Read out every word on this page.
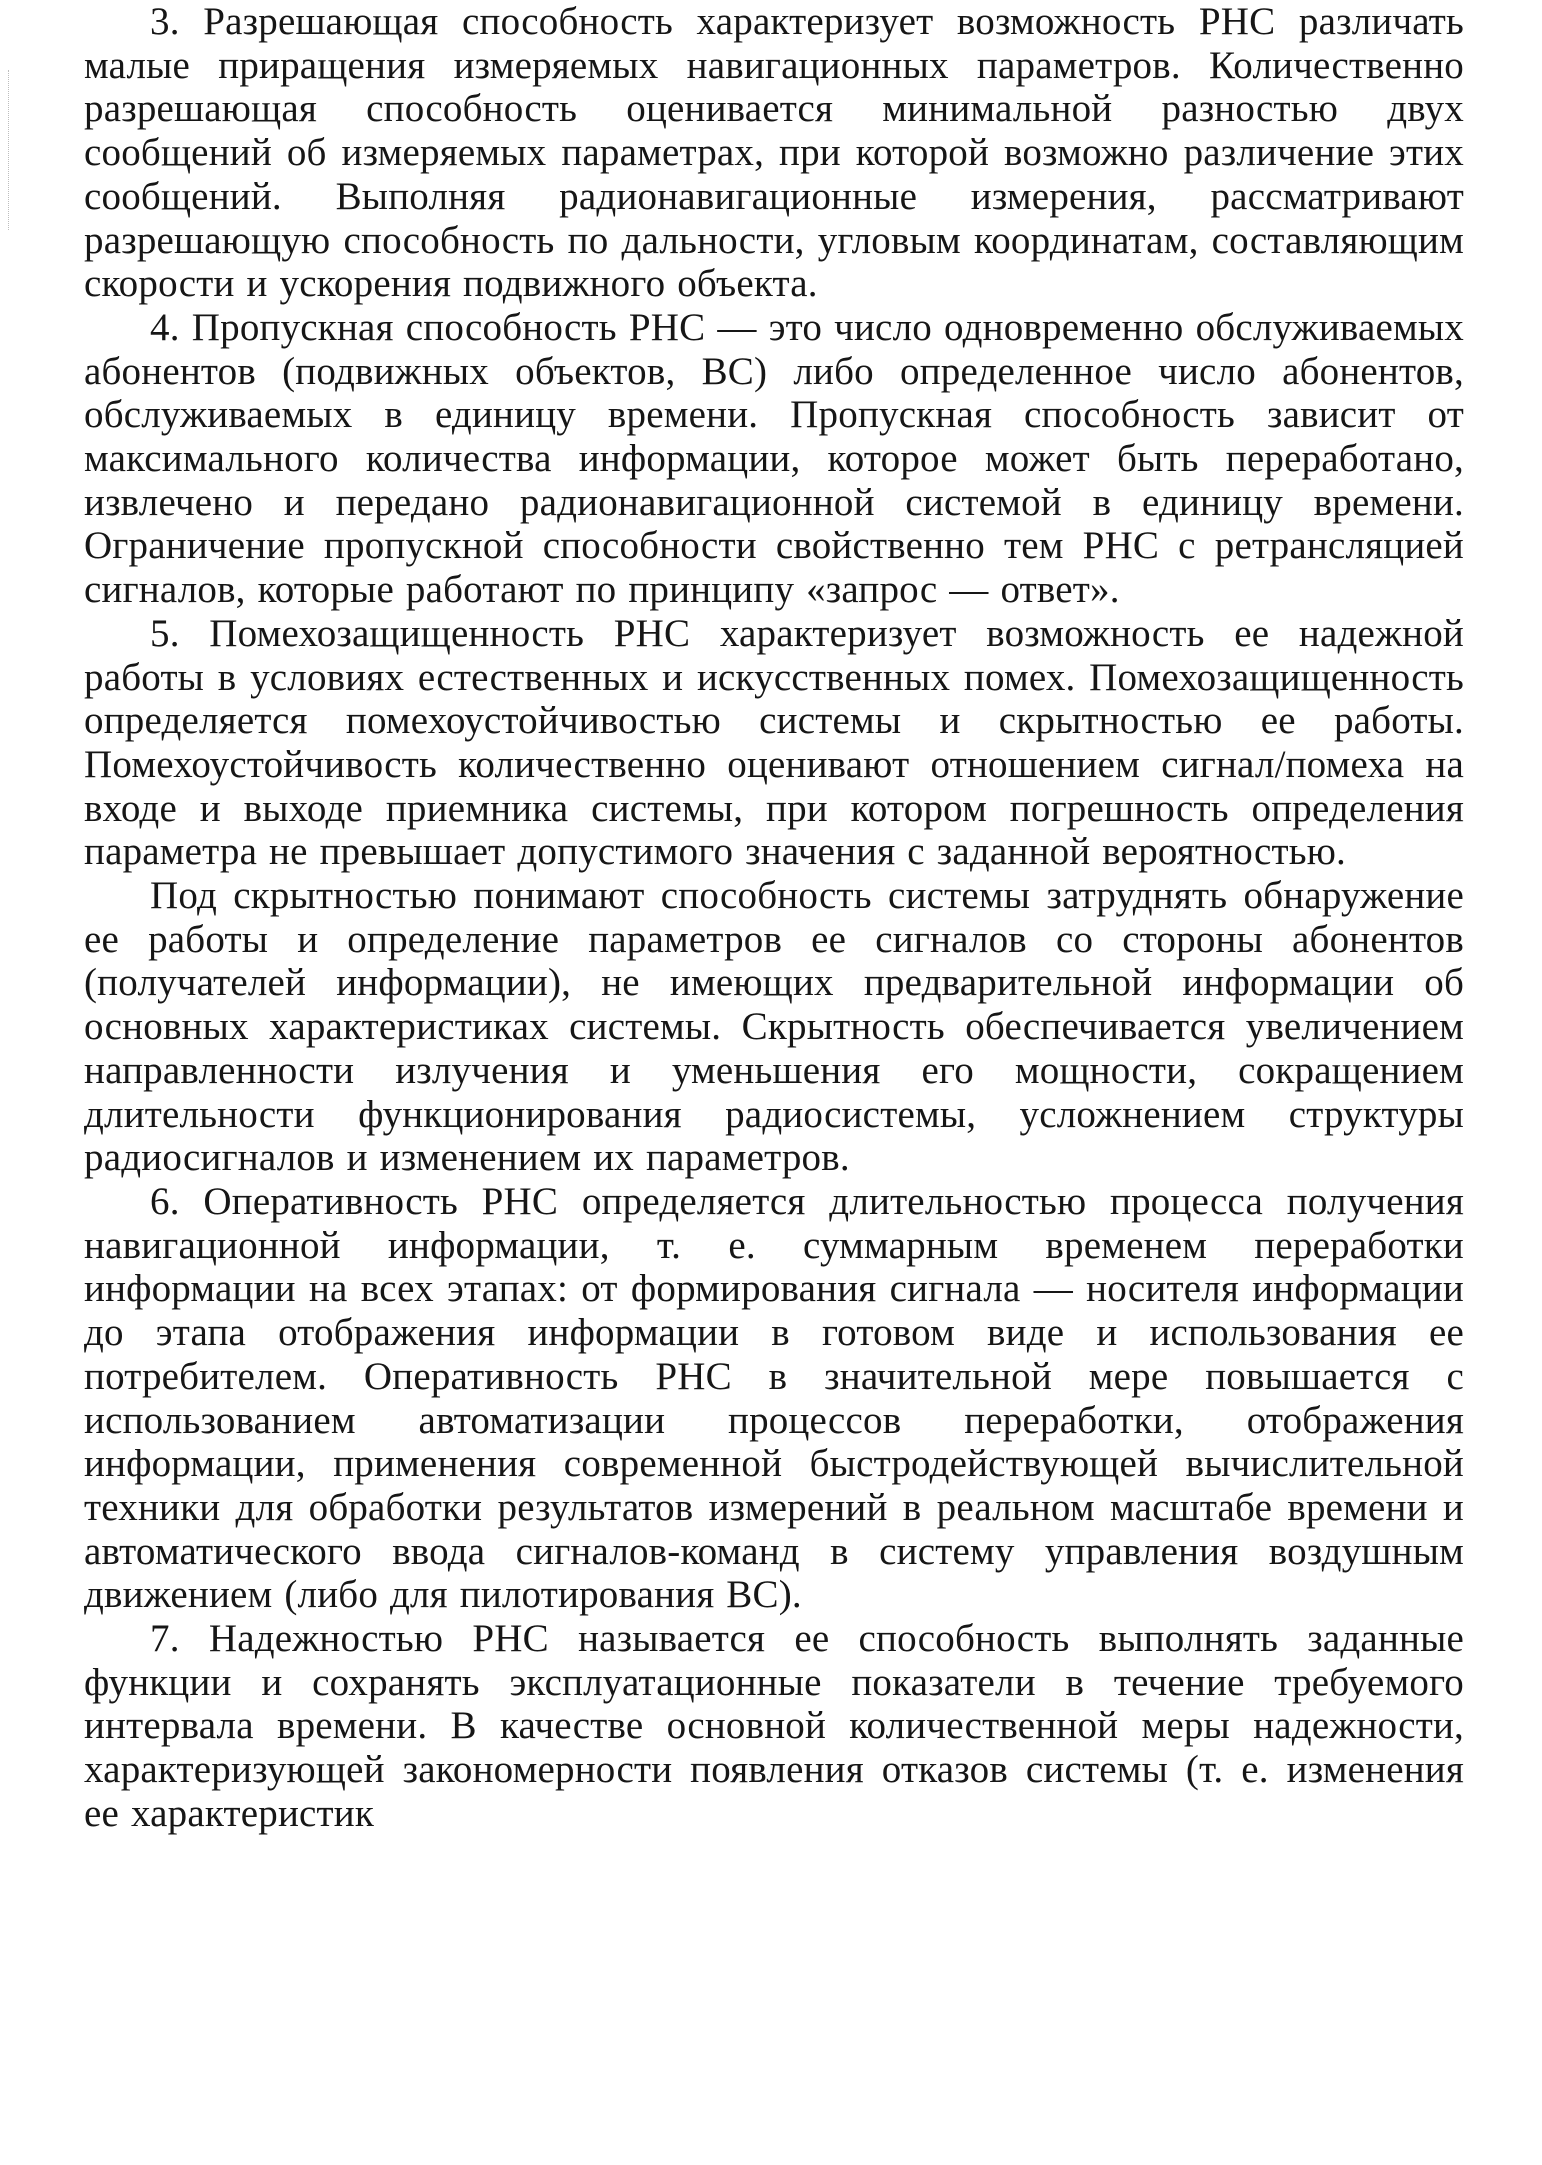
3. Разрешающая способность характеризует возможность РНС различать малые приращения измеряемых навигационных параметров. Количественно разрешающая способность оценивается минимальной разностью двух сообщений об измеряемых параметрах, при которой возможно различение этих сообщений. Выполняя радионавигационные измерения, рассматривают разрешающую способность по дальности, угловым координатам, составляющим скорости и ускорения подвижного объекта.

4. Пропускная способность РНС — это число одновременно обслуживаемых абонентов (подвижных объектов, ВС) либо определенное число абонентов, обслуживаемых в единицу времени. Пропускная способность зависит от максимального количества информации, которое может быть переработано, извлечено и передано радионавигационной системой в единицу времени. Ограничение пропускной способности свойственно тем РНС с ретрансляцией сигналов, которые работают по принципу «запрос — ответ».

5. Помехозащищенность РНС характеризует возможность ее надежной работы в условиях естественных и искусственных помех. Помехозащищенность определяется помехоустойчивостью системы и скрытностью ее работы. Помехоустойчивость количественно оценивают отношением сигнал/помеха на входе и выходе приемника системы, при котором погрешность определения параметра не превышает допустимого значения с заданной вероятностью.

Под скрытностью понимают способность системы затруднять обнаружение ее работы и определение параметров ее сигналов со стороны абонентов (получателей информации), не имеющих предварительной информации об основных характеристиках системы. Скрытность обеспечивается увеличением направленности излучения и уменьшения его мощности, сокращением длительности функционирования радиосистемы, усложнением структуры радиосигналов и изменением их параметров.

6. Оперативность РНС определяется длительностью процесса получения навигационной информации, т. е. суммарным временем переработки информации на всех этапах: от формирования сигнала — носителя информации до этапа отображения информации в готовом виде и использования ее потребителем. Оперативность РНС в значительной мере повышается с использованием автоматизации процессов переработки, отображения информации, применения современной быстродействующей вычислительной техники для обработки результатов измерений в реальном масштабе времени и автоматического ввода сигналов-команд в систему управления воздушным движением (либо для пилотирования ВС).

7. Надежностью РНС называется ее способность выполнять заданные функции и сохранять эксплуатационные показатели в течение требуемого интервала времени. В качестве основной количественной меры надежности, характеризующей закономерности появления отказов системы (т. е. изменения ее характеристик
